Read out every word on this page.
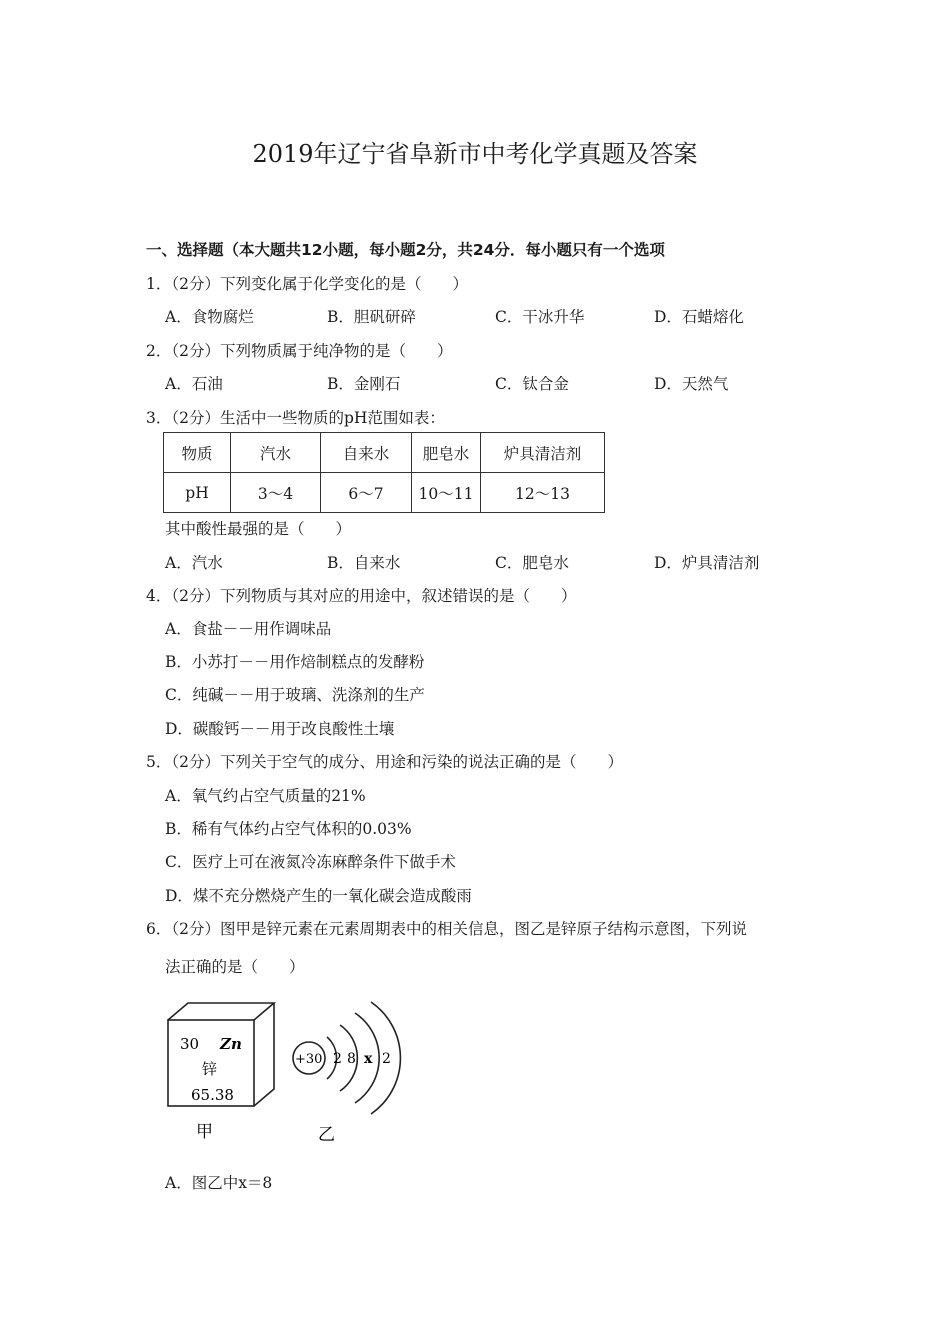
2019年辽宁省阜新市中考化学真题及答案
一、选择题（本大题共12小题，每小题2分，共24分．每小题只有一个选项
1．（2分）下列变化属于化学变化的是（　　）
A．食物腐烂	B．胆矾研碎	C．干冰升华	D．石蜡熔化
2．（2分）下列物质属于纯净物的是（　　）
A．石油	B．金刚石	C．钛合金	D．天然气
3．（2分）生活中一些物质的pH范围如表：
物质	汽水	自来水	肥皂水	炉具清洁剂
pH	3～4	6～7	10～11	12～13
其中酸性最强的是（　　）
A．汽水	B．自来水	C．肥皂水	D．炉具清洁剂
4．（2分）下列物质与其对应的用途中，叙述错误的是（　　）
A．食盐－－用作调味品
B．小苏打－－用作焙制糕点的发酵粉
C．纯碱－－用于玻璃、洗涤剂的生产
D．碳酸钙－－用于改良酸性土壤
5．（2分）下列关于空气的成分、用途和污染的说法正确的是（　　）
A．氧气约占空气质量的21%
B．稀有气体约占空气体积的0.03%
C．医疗上可在液氮冷冻麻醉条件下做手术
D．煤不充分燃烧产生的一氧化碳会造成酸雨
6．（2分）图甲是锌元素在元素周期表中的相关信息，图乙是锌原子结构示意图，下列说
法正确的是（　　）
30 Zn
锌
65.38
甲
+30 2 8 x 2
乙
A．图乙中x＝8
